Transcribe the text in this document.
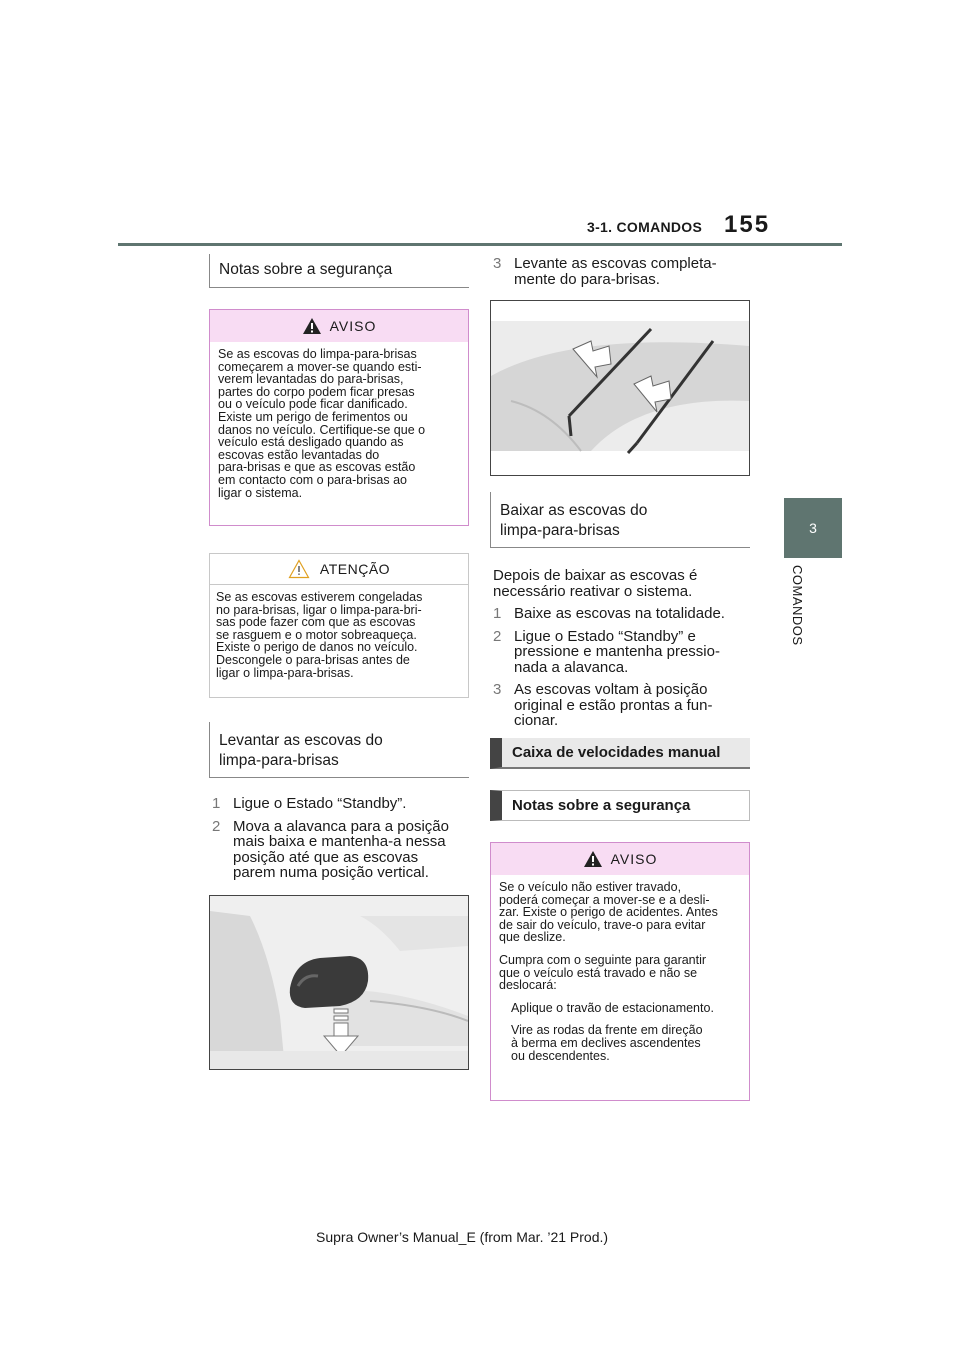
3-1. COMANDOS 155
3
COMANDOS
Notas sobre a segurança
AVISO
Se as escovas do limpa-para-brisas
começarem a mover-se quando esti-
verem levantadas do para-brisas,
partes do corpo podem ficar presas
ou o veículo pode ficar danificado.
Existe um perigo de ferimentos ou
danos no veículo. Certifique-se que o
veículo está desligado quando as
escovas estão levantadas do
para-brisas e que as escovas estão
em contacto com o para-brisas ao
ligar o sistema.
ATENÇÃO
Se as escovas estiverem congeladas
no para-brisas, ligar o limpa-para-bri-
sas pode fazer com que as escovas
se rasguem e o motor sobreaqueça.
Existe o perigo de danos no veículo.
Descongele o para-brisas antes de
ligar o limpa-para-brisas.
Levantar as escovas do
limpa-para-brisas
1 Ligue o Estado “Standby”.
2 Mova a alavanca para a posição
mais baixa e mantenha-a nessa
posição até que as escovas
parem numa posição vertical.
3 Levante as escovas completa-
mente do para-brisas.
Baixar as escovas do
limpa-para-brisas
Depois de baixar as escovas é
necessário reativar o sistema.
1 Baixe as escovas na totalidade.
2 Ligue o Estado “Standby” e
pressione e mantenha pressio-
nada a alavanca.
3 As escovas voltam à posição
original e estão prontas a fun-
cionar.
Caixa de velocidades manual
Notas sobre a segurança
AVISO
Se o veículo não estiver travado,
poderá começar a mover-se e a desli-
zar. Existe o perigo de acidentes. Antes
de sair do veículo, trave-o para evitar
que deslize.
Cumpra com o seguinte para garantir
que o veículo está travado e não se
deslocará:
Aplique o travão de estacionamento.
Vire as rodas da frente em direção
à berma em declives ascendentes
ou descendentes.
Supra Owner’s Manual_E (from Mar. ’21 Prod.)
